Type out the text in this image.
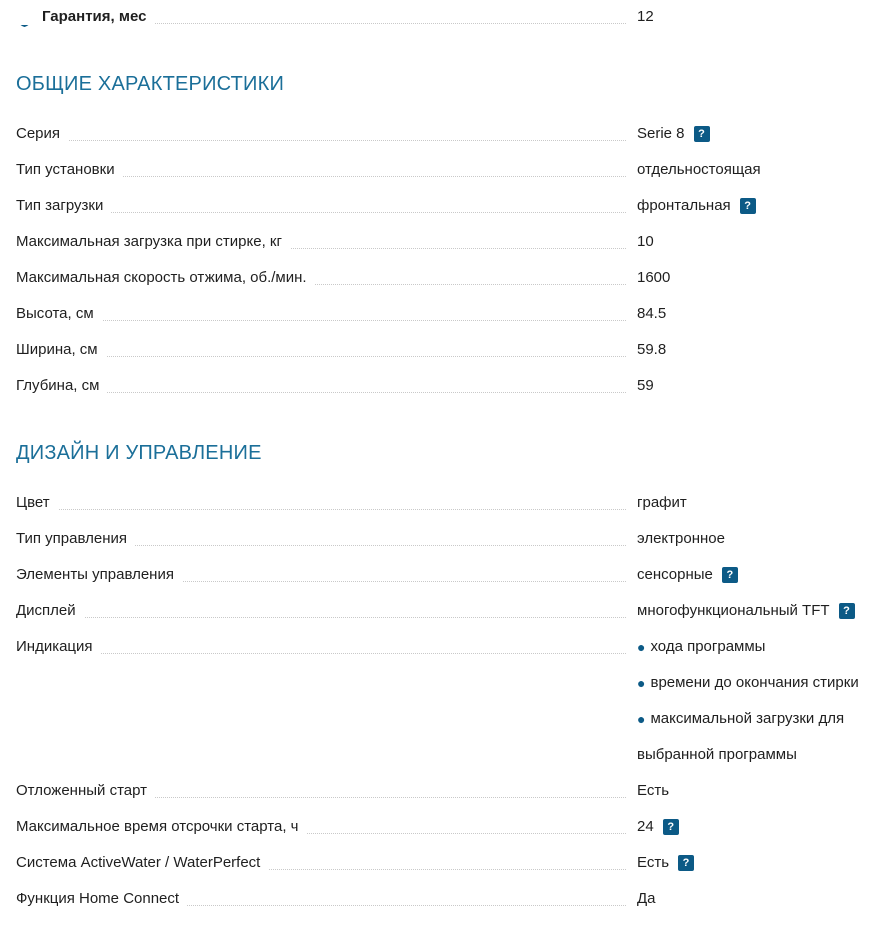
Гарантия, мес	12
ОБЩИЕ ХАРАКТЕРИСТИКИ
Серия	Serie 8	?
Тип установки	отдельностоящая
Тип загрузки	фронтальная	?
Максимальная загрузка при стирке, кг	10
Максимальная скорость отжима, об./мин.	1600
Высота, см	84.5
Ширина, см	59.8
Глубина, см	59
ДИЗАЙН И УПРАВЛЕНИЕ
Цвет	графит
Тип управления	электронное
Элементы управления	сенсорные	?
Дисплей	многофункциональный TFT	?
Индикация	● хода программы
● времени до окончания стирки
● максимальной загрузки для
выбранной программы
Отложенный старт	Есть
Максимальное время отсрочки старта, ч	24	?
Система ActiveWater / WaterPerfect	Есть	?
Функция Home Connect	Да
